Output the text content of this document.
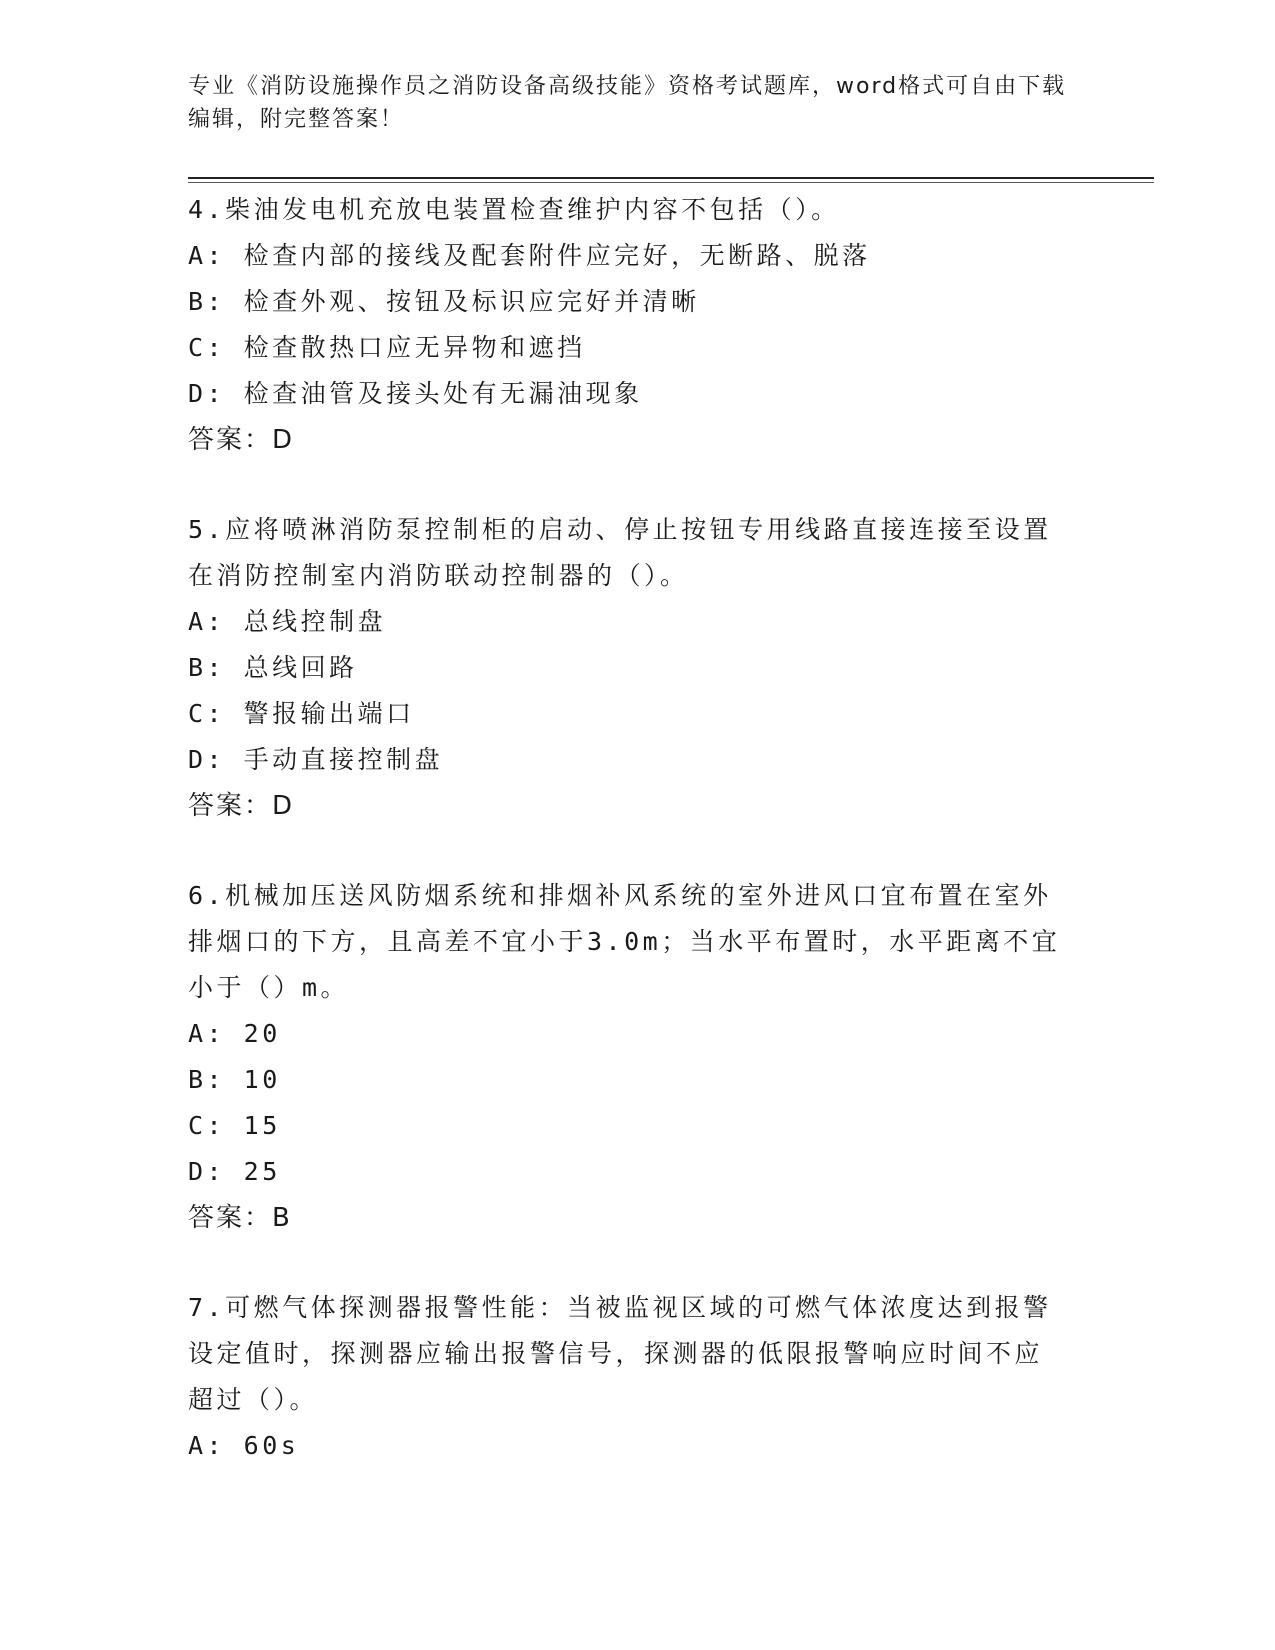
专业《消防设施操作员之消防设备高级技能》资格考试题库，word格式可自由下载编辑，附完整答案！
4.柴油发电机充放电装置检查维护内容不包括（）。
A: 检查内部的接线及配套附件应完好，无断路、脱落
B: 检查外观、按钮及标识应完好并清晰
C: 检查散热口应无异物和遮挡
D: 检查油管及接头处有无漏油现象
答案：D
5.应将喷淋消防泵控制柜的启动、停止按钮专用线路直接连接至设置在消防控制室内消防联动控制器的（）。
A: 总线控制盘
B: 总线回路
C: 警报输出端口
D: 手动直接控制盘
答案：D
6.机械加压送风防烟系统和排烟补风系统的室外进风口宜布置在室外排烟口的下方，且高差不宜小于3.0m；当水平布置时，水平距离不宜小于（）m。
A: 20
B: 10
C: 15
D: 25
答案：B
7.可燃气体探测器报警性能：当被监视区域的可燃气体浓度达到报警设定值时，探测器应输出报警信号，探测器的低限报警响应时间不应超过（）。
A: 60s
